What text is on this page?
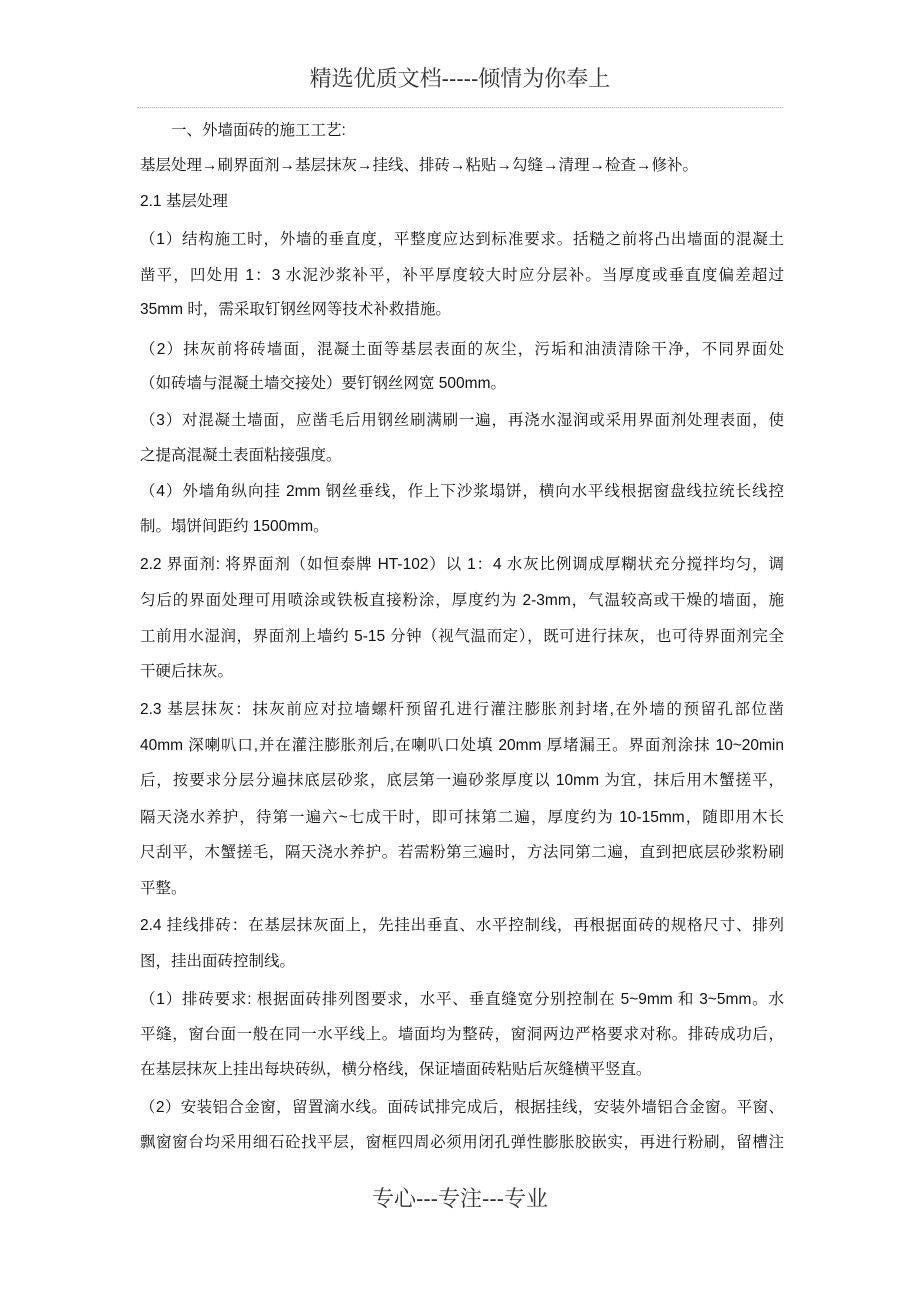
精选优质文档-----倾情为你奉上
　　一、外墙面砖的施工工艺:
基层处理→刷界面剂→基层抹灰→挂线、排砖→粘贴→勾缝→清理→检查→修补。
2.1 基层处理
（1）结构施工时，外墙的垂直度，平整度应达到标准要求。括糙之前将凸出墙面的混凝土
凿平，凹处用 1：3 水泥沙浆补平，补平厚度较大时应分层补。当厚度或垂直度偏差超过
35mm 时，需采取钉钢丝网等技术补救措施。
（2）抹灰前将砖墙面，混凝土面等基层表面的灰尘，污垢和油渍清除干净，不同界面处
（如砖墙与混凝土墙交接处）要钉钢丝网宽 500mm。
（3）对混凝土墙面，应凿毛后用钢丝刷满刷一遍，再浇水湿润或采用界面剂处理表面，使
之提高混凝土表面粘接强度。
（4）外墙角纵向挂 2mm 钢丝垂线，作上下沙浆塌饼，横向水平线根据窗盘线拉统长线控
制。塌饼间距约 1500mm。
2.2 界面剂: 将界面剂（如恒泰牌 HT-102）以 1：4 水灰比例调成厚糊状充分搅拌均匀，调
匀后的界面处理可用喷涂或铁板直接粉涂，厚度约为 2-3mm，气温较高或干燥的墙面，施
工前用水湿润，界面剂上墙约 5-15 分钟（视气温而定），既可进行抹灰，也可待界面剂完全
干硬后抹灰。
2.3 基层抹灰：抹灰前应对拉墙螺杆预留孔进行灌注膨胀剂封堵,在外墙的预留孔部位凿
40mm 深喇叭口,并在灌注膨胀剂后,在喇叭口处填 20mm 厚堵漏王。界面剂涂抹 10~20min
后，按要求分层分遍抹底层砂浆，底层第一遍砂浆厚度以 10mm 为宜，抹后用木蟹搓平，
隔天浇水养护，待第一遍六~七成干时，即可抹第二遍，厚度约为 10-15mm，随即用木长
尺刮平，木蟹搓毛，隔天浇水养护。若需粉第三遍时，方法同第二遍，直到把底层砂浆粉刷
平整。
2.4 挂线排砖：在基层抹灰面上，先挂出垂直、水平控制线，再根据面砖的规格尺寸、排列
图，挂出面砖控制线。
（1）排砖要求: 根据面砖排列图要求，水平、垂直缝宽分别控制在 5~9mm 和 3~5mm。水
平缝，窗台面一般在同一水平线上。墙面均为整砖，窗洞两边严格要求对称。排砖成功后，
在基层抹灰上挂出每块砖纵，横分格线，保证墙面砖粘贴后灰缝横平竖直。
（2）安装铝合金窗，留置滴水线。面砖试排完成后，根据挂线，安装外墙铝合金窗。平窗、
飘窗窗台均采用细石砼找平层，窗框四周必须用闭孔弹性膨胀胶嵌实，再进行粉刷，留槽注
专心---专注---专业
